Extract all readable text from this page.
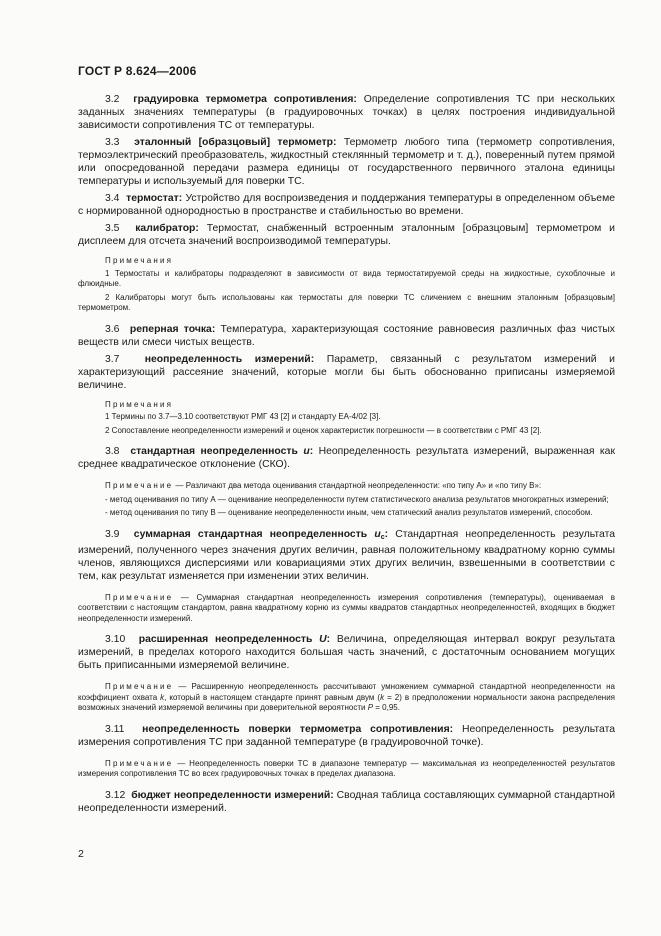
ГОСТ Р 8.624—2006

3.2 градуировка термометра сопротивления: Определение сопротивления ТС при нескольких заданных значениях температуры (в градуировочных точках) в целях построения индивидуальной зависимости сопротивления ТС от температуры.

3.3 эталонный [образцовый] термометр: Термометр любого типа (термометр сопротивления, термоэлектрический преобразователь, жидкостный стеклянный термометр и т. д.), поверенный путем прямой или опосредованной передачи размера единицы от государственного первичного эталона единицы температуры и используемый для поверки ТС.

3.4 термостат: Устройство для воспроизведения и поддержания температуры в определенном объеме с нормированной однородностью в пространстве и стабильностью во времени.

3.5 калибратор: Термостат, снабженный встроенным эталонным [образцовым] термометром и дисплеем для отсчета значений воспроизводимой температуры.

Примечания

1 Термостаты и калибраторы подразделяют в зависимости от вида термостатируемой среды на жидкостные, сухоблочные и флюидные.

2 Калибраторы могут быть использованы как термостаты для поверки ТС сличением с внешним эталонным [образцовым] термометром.

3.6 реперная точка: Температура, характеризующая состояние равновесия различных фаз чистых веществ или смеси чистых веществ.

3.7 неопределенность измерений: Параметр, связанный с результатом измерений и характеризующий рассеяние значений, которые могли бы быть обоснованно приписаны измеряемой величине.

Примечания

1 Термины по 3.7—3.10 соответствуют РМГ 43 [2] и стандарту ЕА-4/02 [3].

2 Сопоставление неопределенности измерений и оценок характеристик погрешности — в соответствии с РМГ 43 [2].

3.8 стандартная неопределенность u: Неопределенность результата измерений, выраженная как среднее квадратическое отклонение (СКО).

Примечание — Различают два метода оценивания стандартной неопределенности: «по типу А» и «по типу В»:

- метод оценивания по типу А — оценивание неопределенности путем статистического анализа результатов многократных измерений;

- метод оценивания по типу В — оценивание неопределенности иным, чем статический анализ результатов измерений, способом.

3.9 суммарная стандартная неопределенность $u_c$: Стандартная неопределенность результата измерений, полученного через значения других величин, равная положительному квадратному корню суммы членов, являющихся дисперсиями или ковариациями этих других величин, взвешенными в соответствии с тем, как результат изменяется при изменении этих величин.

Примечание — Суммарная стандартная неопределенность измерения сопротивления (температуры), оцениваемая в соответствии с настоящим стандартом, равна квадратному корню из суммы квадратов стандартных неопределенностей, входящих в бюджет неопределенности измерений.

3.10 расширенная неопределенность U: Величина, определяющая интервал вокруг результата измерений, в пределах которого находится большая часть значений, с достаточным основанием могущих быть приписанными измеряемой величине.

Примечание — Расширенную неопределенность рассчитывают умножением суммарной стандартной неопределенности на коэффициент охвата k, который в настоящем стандарте принят равным двум (k = 2) в предположении нормальности закона распределения возможных значений измеряемой величины при доверительной вероятности Р = 0,95.

3.11 неопределенность поверки термометра сопротивления: Неопределенность результата измерения сопротивления ТС при заданной температуре (в градуировочной точке).

Примечание — Неопределенность поверки ТС в диапазоне температур — максимальная из неопределенностей результатов измерения сопротивления ТС во всех градуировочных точках в пределах диапазона.

3.12 бюджет неопределенности измерений: Сводная таблица составляющих суммарной стандартной неопределенности измерений.

2
